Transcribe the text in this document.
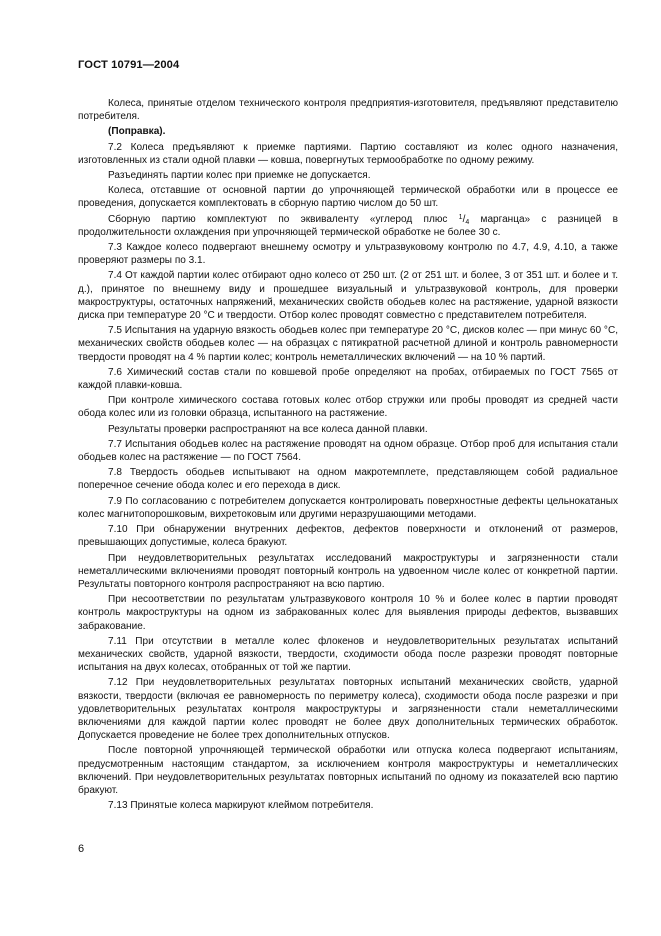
ГОСТ 10791—2004

Колеса, принятые отделом технического контроля предприятия-изготовителя, предъявляют представителю потребителя.

(Поправка).

7.2 Колеса предъявляют к приемке партиями. Партию составляют из колес одного назначения, изготовленных из стали одной плавки — ковша, повергнутых термообработке по одному режиму.

Разъединять партии колес при приемке не допускается.

Колеса, отставшие от основной партии до упрочняющей термической обработки или в процессе ее проведения, допускается комплектовать в сборную партию числом до 50 шт.

Сборную партию комплектуют по эквиваленту «углерод плюс $^1/_4$ марганца» с разницей в продолжительности охлаждения при упрочняющей термической обработке не более 30 с.

7.3 Каждое колесо подвергают внешнему осмотру и ультразвуковому контролю по 4.7, 4.9, 4.10, а также проверяют размеры по 3.1.

7.4 От каждой партии колес отбирают одно колесо от 250 шт. (2 от 251 шт. и более, 3 от 351 шт. и более и т. д.), принятое по внешнему виду и прошедшее визуальный и ультразвуковой контроль, для проверки макроструктуры, остаточных напряжений, механических свойств ободьев колес на растяжение, ударной вязкости диска при температуре 20 °С и твердости. Отбор колес проводят совместно с представителем потребителя.

7.5 Испытания на ударную вязкость ободьев колес при температуре 20 °С, дисков колес — при минус 60 °С, механических свойств ободьев колес — на образцах с пятикратной расчетной длиной и контроль равномерности твердости проводят на 4 % партии колес; контроль неметаллических включений — на 10 % партий.

7.6 Химический состав стали по ковшевой пробе определяют на пробах, отбираемых по ГОСТ 7565 от каждой плавки-ковша.

При контроле химического состава готовых колес отбор стружки или пробы проводят из средней части обода колес или из головки образца, испытанного на растяжение.

Результаты проверки распространяют на все колеса данной плавки.

7.7 Испытания ободьев колес на растяжение проводят на одном образце. Отбор проб для испытания стали ободьев колес на растяжение — по ГОСТ 7564.

7.8 Твердость ободьев испытывают на одном макротемплете, представляющем собой радиальное поперечное сечение обода колес и его перехода в диск.

7.9 По согласованию с потребителем допускается контролировать поверхностные дефекты цельнокатаных колес магнитопорошковым, вихретоковым или другими неразрушающими методами.

7.10 При обнаружении внутренних дефектов, дефектов поверхности и отклонений от размеров, превышающих допустимые, колеса бракуют.

При неудовлетворительных результатах исследований макроструктуры и загрязненности стали неметаллическими включениями проводят повторный контроль на удвоенном числе колес от конкретной партии. Результаты повторного контроля распространяют на всю партию.

При несоответствии по результатам ультразвукового контроля 10 % и более колес в партии проводят контроль макроструктуры на одном из забракованных колес для выявления природы дефектов, вызвавших забракование.

7.11 При отсутствии в металле колес флокенов и неудовлетворительных результатах испытаний механических свойств, ударной вязкости, твердости, сходимости обода после разрезки проводят повторные испытания на двух колесах, отобранных от той же партии.

7.12 При неудовлетворительных результатах повторных испытаний механических свойств, ударной вязкости, твердости (включая ее равномерность по периметру колеса), сходимости обода после разрезки и при удовлетворительных результатах контроля макроструктуры и загрязненности стали неметаллическими включениями для каждой партии колес проводят не более двух дополнительных термических обработок. Допускается проведение не более трех дополнительных отпусков.

После повторной упрочняющей термической обработки или отпуска колеса подвергают испытаниям, предусмотренным настоящим стандартом, за исключением контроля макроструктуры и неметаллических включений. При неудовлетворительных результатах повторных испытаний по одному из показателей всю партию бракуют.

7.13 Принятые колеса маркируют клеймом потребителя.

6
